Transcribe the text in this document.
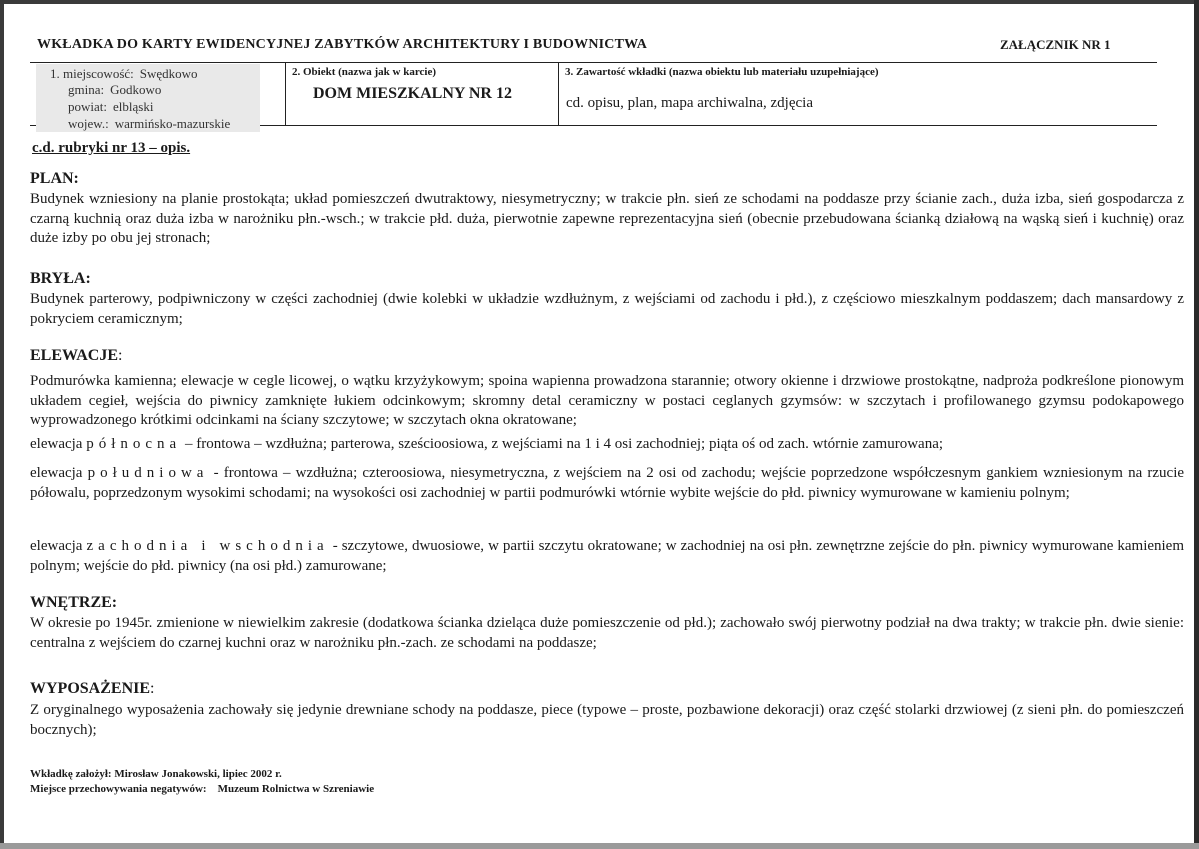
WKŁADKA DO KARTY EWIDENCYJNEJ ZABYTKÓW ARCHITEKTURY I BUDOWNICTWA	ZAŁĄCZNIK NR 1
1. miejscowość: Swędkowo
gmina: Godkowo
powiat: elbląski
wojew.: warmińsko-mazurskie
2. Obiekt (nazwa jak w karcie)
DOM MIESZKALNY NR 12
3. Zawartość wkładki (nazwa obiektu lub materiału uzupełniające)
cd. opisu, plan, mapa archiwalna, zdjęcia
c.d. rubryki nr 13 – opis.
PLAN:
Budynek wzniesiony na planie prostokąta; układ pomieszczeń dwutraktowy, niesymetryczny; w trakcie płn. sień ze schodami na poddasze przy ścianie zach., duża izba, sień gospodarcza z czarną kuchnią oraz duża izba w narożniku płn.-wsch.; w trakcie płd. duża, pierwotnie zapewne reprezentacyjna sień (obecnie przebudowana ścianką działową na wąską sień i kuchnię) oraz duże izby po obu jej stronach;
BRYŁA:
Budynek parterowy, podpiwniczony w części zachodniej (dwie kolebki w układzie wzdłużnym, z wejściami od zachodu i płd.), z częściowo mieszkalnym poddaszem; dach mansardowy z pokryciem ceramicznym;
ELEWACJE:
Podmurówka kamienna; elewacje w cegle licowej, o wątku krzyżykowym; spoina wapienna prowadzona starannie; otwory okienne i drzwiowe prostokątne, nadproża podkreślone pionowym układem cegieł, wejścia do piwnicy zamknięte łukiem odcinkowym; skromny detal ceramiczny w postaci ceglanych gzymsów: w szczytach i profilowanego gzymsu podokapowego wyprowadzonego krótkimi odcinkami na ściany szczytowe; w szczytach okna okratowane;
elewacja północna – frontowa – wzdłużna; parterowa, sześcioosiowa, z wejściami na 1 i 4 osi zachodniej; piąta oś od zach. wtórnie zamurowana;
elewacja południowa - frontowa – wzdłużna; czteroosiowa, niesymetryczna, z wejściem na 2 osi od zachodu; wejście poprzedzone współczesnym gankiem wzniesionym na rzucie półowalu, poprzedzonym wysokimi schodami; na wysokości osi zachodniej w partii podmurówki wtórnie wybite wejście do płd. piwnicy wymurowane w kamieniu polnym;
elewacja zachodnia i wschodnia - szczytowe, dwuosiowe, w partii szczytu okratowane; w zachodniej na osi płn. zewnętrzne zejście do płn. piwnicy wymurowane kamieniem polnym; wejście do płd. piwnicy (na osi płd.) zamurowane;
WNĘTRZE:
W okresie po 1945r. zmienione w niewielkim zakresie (dodatkowa ścianka dzieląca duże pomieszczenie od płd.); zachowało swój pierwotny podział na dwa trakty; w trakcie płn. dwie sienie: centralna z wejściem do czarnej kuchni oraz w narożniku płn.-zach. ze schodami na poddasze;
WYPOSAŻENIE:
Z oryginalnego wyposażenia zachowały się jedynie drewniane schody na poddasze, piece (typowe – proste, pozbawione dekoracji) oraz część stolarki drzwiowej (z sieni płn. do pomieszczeń bocznych);
Wkładkę założył: Mirosław Jonakowski, lipiec 2002 r.
Miejsce przechowywania negatywów:    Muzeum Rolnictwa w Szreniawie
